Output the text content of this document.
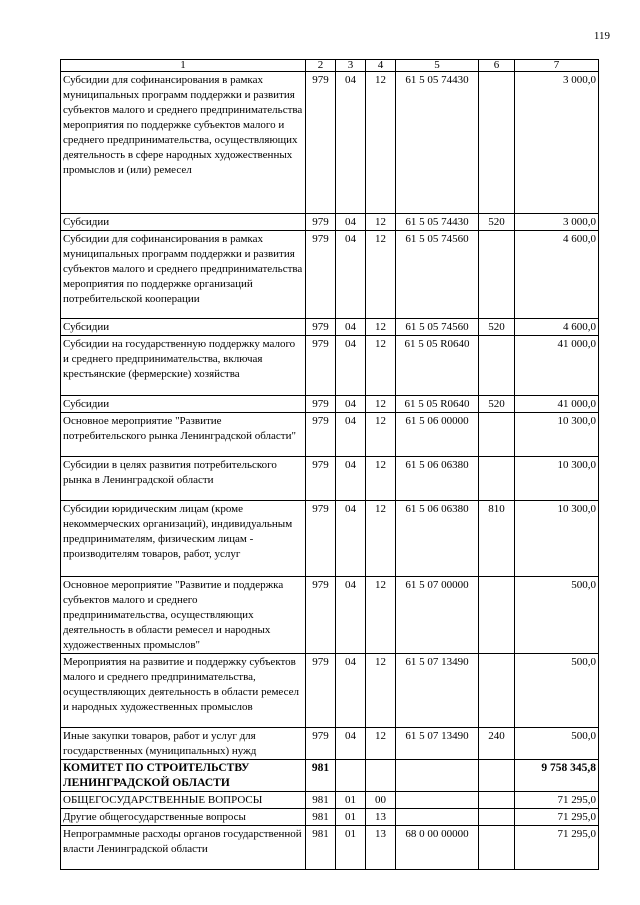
119
1	2	3	4	5	6	7
Субсидии для софинансирования в рамках муниципальных программ поддержки и развития субъектов малого и среднего предпринимательства мероприятия по поддержке субъектов малого и среднего предпринимательства, осуществляющих деятельность в сфере народных художественных промыслов и (или) ремесел	979	04	12	61 5 05 74430		3 000,0
Субсидии	979	04	12	61 5 05 74430	520	3 000,0
Субсидии для софинансирования в рамках муниципальных программ поддержки и развития субъектов малого и среднего предпринимательства мероприятия по поддержке организаций потребительской кооперации	979	04	12	61 5 05 74560		4 600,0
Субсидии	979	04	12	61 5 05 74560	520	4 600,0
Субсидии на государственную поддержку малого и среднего предпринимательства, включая крестьянские (фермерские) хозяйства	979	04	12	61 5 05 R0640		41 000,0
Субсидии	979	04	12	61 5 05 R0640	520	41 000,0
Основное мероприятие "Развитие потребительского рынка Ленинградской области"	979	04	12	61 5 06 00000		10 300,0
Субсидии в целях развития потребительского рынка в Ленинградской области	979	04	12	61 5 06 06380		10 300,0
Субсидии юридическим лицам (кроме некоммерческих организаций), индивидуальным предпринимателям, физическим лицам - производителям товаров, работ, услуг	979	04	12	61 5 06 06380	810	10 300,0
Основное мероприятие "Развитие и поддержка субъектов малого и среднего предпринимательства, осуществляющих деятельность в области ремесел и народных художественных промыслов"	979	04	12	61 5 07 00000		500,0
Мероприятия на развитие и поддержку субъектов малого и среднего предпринимательства, осуществляющих деятельность в области ремесел и народных художественных промыслов	979	04	12	61 5 07 13490		500,0
Иные закупки товаров, работ и услуг для государственных (муниципальных) нужд	979	04	12	61 5 07 13490	240	500,0
КОМИТЕТ ПО СТРОИТЕЛЬСТВУ ЛЕНИНГРАДСКОЙ ОБЛАСТИ	981					9 758 345,8
ОБЩЕГОСУДАРСТВЕННЫЕ ВОПРОСЫ	981	01	00			71 295,0
Другие общегосударственные вопросы	981	01	13			71 295,0
Непрограммные расходы органов государственной власти Ленинградской области	981	01	13	68 0 00 00000		71 295,0
